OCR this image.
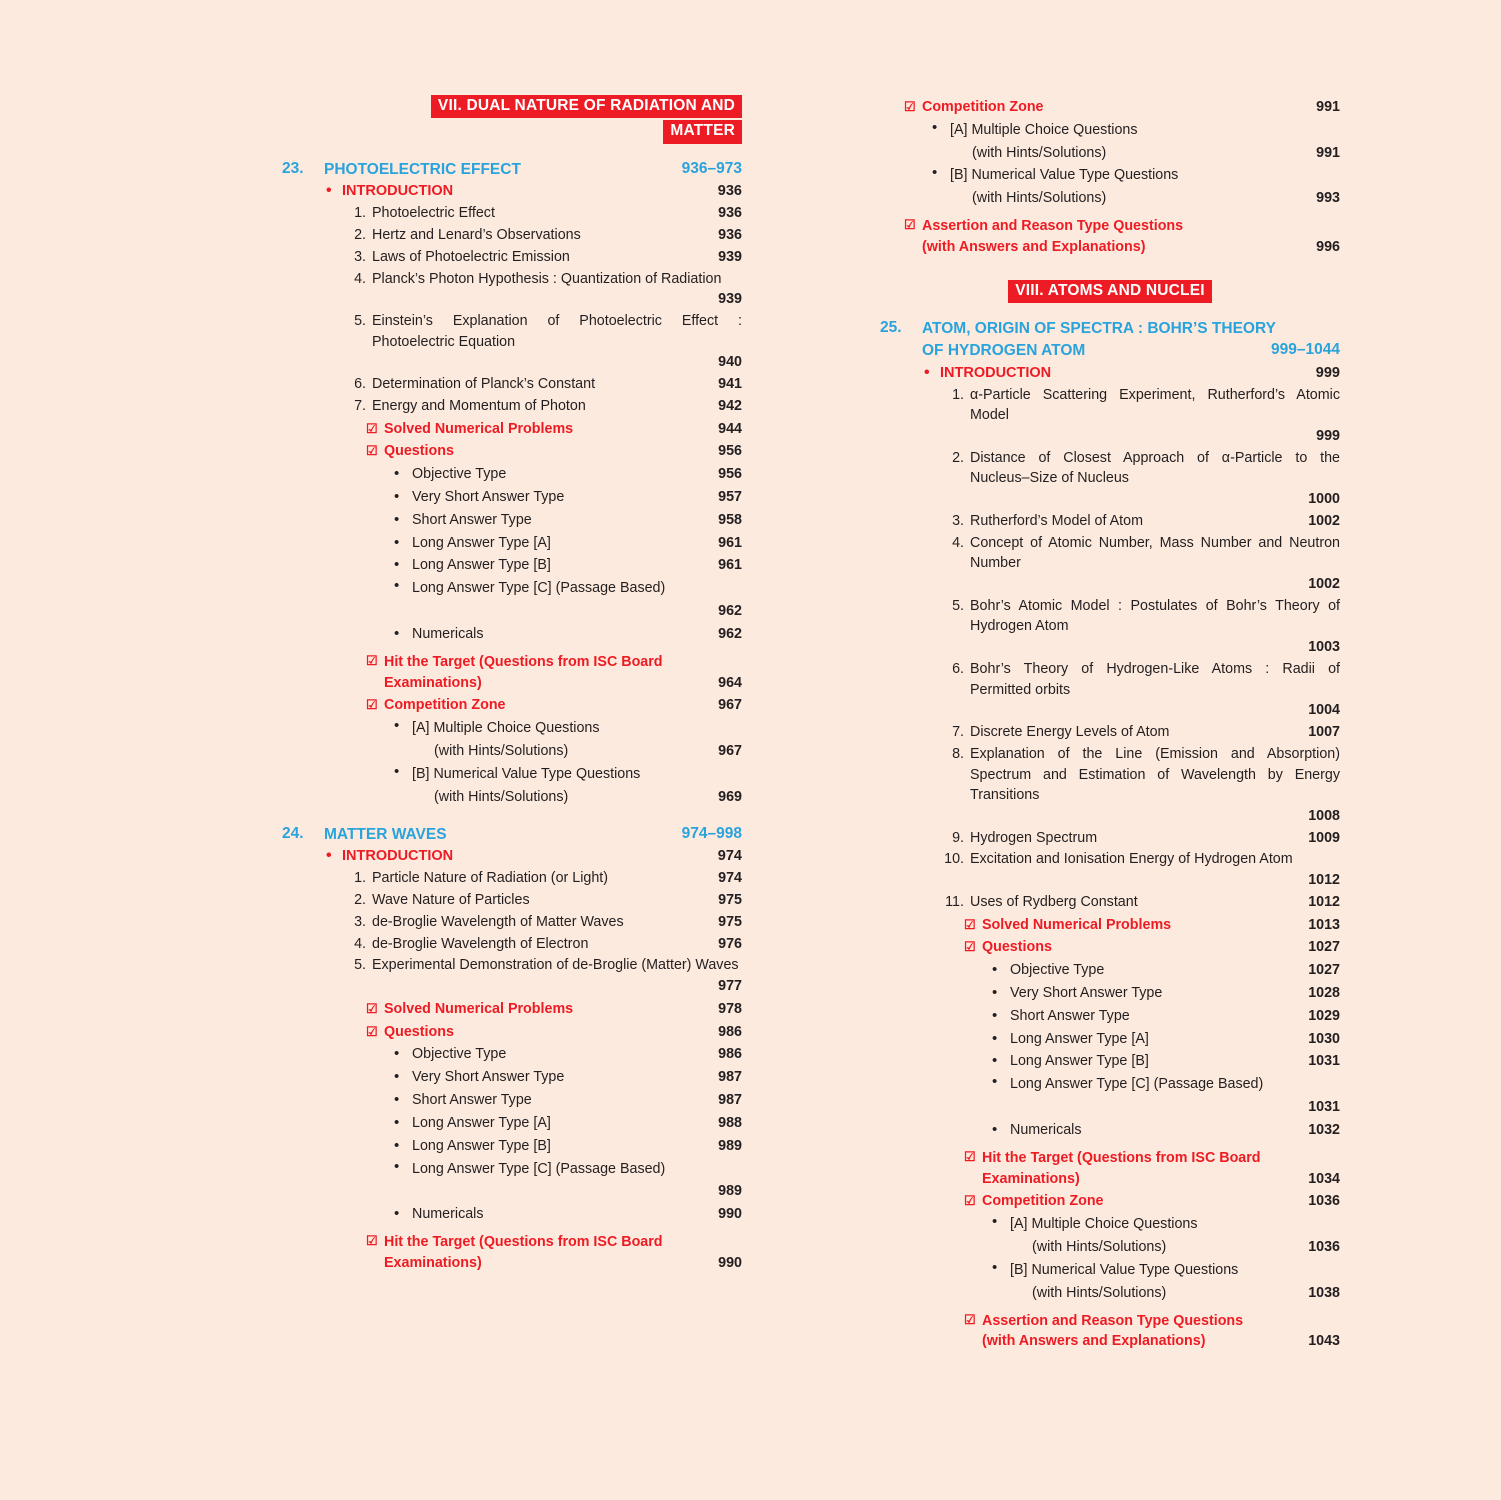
VII. DUAL NATURE OF RADIATION AND
MATTER
23.	PHOTOELECTRIC EFFECT	936–973
• INTRODUCTION	936
1. Photoelectric Effect	936
2. Hertz and Lenard’s Observations	936
3. Laws of Photoelectric Emission	939
4. Planck’s Photon Hypothesis : Quantization of Radiation
939
5. Einstein’s Explanation of Photoelectric Effect : Photoelectric Equation
940
6. Determination of Planck’s Constant	941
7. Energy and Momentum of Photon	942
☑ Solved Numerical Problems	944
☑ Questions	956
• Objective Type	956
• Very Short Answer Type	957
• Short Answer Type	958
• Long Answer Type [A]	961
• Long Answer Type [B]	961
• Long Answer Type [C] (Passage Based)
962
• Numericals	962
☑ Hit the Target (Questions from ISC Board
Examinations)	964
☑ Competition Zone	967
• [A] Multiple Choice Questions
(with Hints/Solutions)	967
• [B] Numerical Value Type Questions
(with Hints/Solutions)	969
24.	MATTER WAVES	974–998
• INTRODUCTION	974
1. Particle Nature of Radiation (or Light)	974
2. Wave Nature of Particles	975
3. de-Broglie Wavelength of Matter Waves	975
4. de-Broglie Wavelength of Electron	976
5. Experimental Demonstration of de-Broglie (Matter) Waves
977
☑ Solved Numerical Problems	978
☑ Questions	986
• Objective Type	986
• Very Short Answer Type	987
• Short Answer Type	987
• Long Answer Type [A]	988
• Long Answer Type [B]	989
• Long Answer Type [C] (Passage Based)
989
• Numericals	990
☑ Hit the Target (Questions from ISC Board
Examinations)	990
☑ Competition Zone	991
• [A] Multiple Choice Questions
(with Hints/Solutions)	991
• [B] Numerical Value Type Questions
(with Hints/Solutions)	993
☑ Assertion and Reason Type Questions
(with Answers and Explanations)	996
VIII. ATOMS AND NUCLEI
25.	ATOM, ORIGIN OF SPECTRA : BOHR’S THEORY
OF HYDROGEN ATOM	999–1044
• INTRODUCTION	999
1. α-Particle Scattering Experiment, Rutherford’s Atomic Model
999
2. Distance of Closest Approach of α-Particle to the Nucleus–Size of Nucleus
1000
3. Rutherford’s Model of Atom	1002
4. Concept of Atomic Number, Mass Number and Neutron Number
1002
5. Bohr’s Atomic Model : Postulates of Bohr’s Theory of Hydrogen Atom
1003
6. Bohr’s Theory of Hydrogen-Like Atoms : Radii of Permitted orbits
1004
7. Discrete Energy Levels of Atom	1007
8. Explanation of the Line (Emission and Absorption) Spectrum and Estimation of Wavelength by Energy Transitions
1008
9. Hydrogen Spectrum	1009
10. Excitation and Ionisation Energy of Hydrogen Atom
1012
11. Uses of Rydberg Constant	1012
☑ Solved Numerical Problems	1013
☑ Questions	1027
• Objective Type	1027
• Very Short Answer Type	1028
• Short Answer Type	1029
• Long Answer Type [A]	1030
• Long Answer Type [B]	1031
• Long Answer Type [C] (Passage Based)
1031
• Numericals	1032
☑ Hit the Target (Questions from ISC Board
Examinations)	1034
☑ Competition Zone	1036
• [A] Multiple Choice Questions
(with Hints/Solutions)	1036
• [B] Numerical Value Type Questions
(with Hints/Solutions)	1038
☑ Assertion and Reason Type Questions
(with Answers and Explanations)	1043
